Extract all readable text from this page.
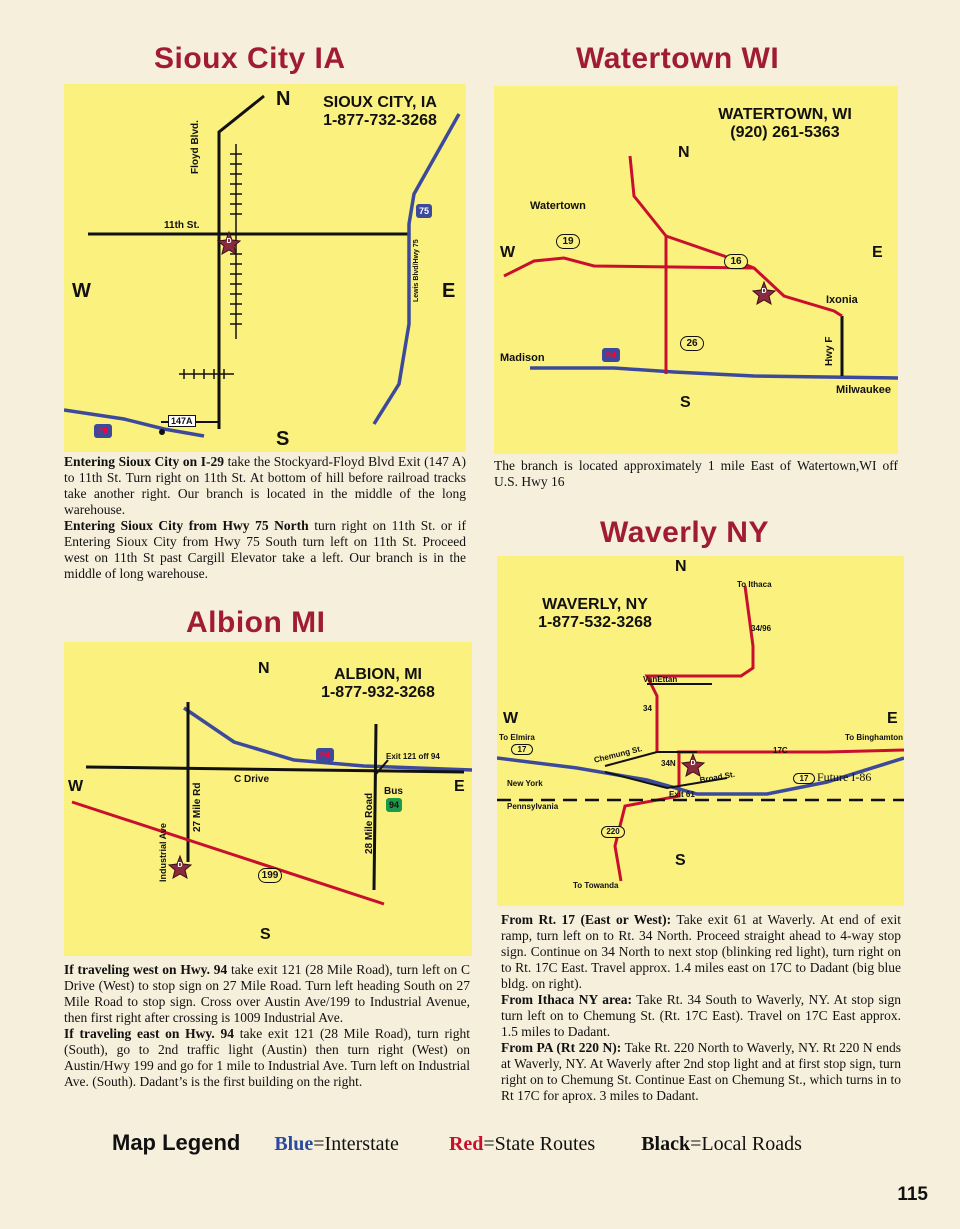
Sioux City IA
SIOUX CITY, IA
1-877-732-3268
N
S
W	E
Floyd Blvd.
11th St.
Lewis Blvd/Hwy 75
75
29
147A
D

Entering Sioux City on I-29 take the Stockyard-Floyd Blvd Exit (147 A) to 11th St. Turn right on 11th St. At bottom of hill before railroad tracks take another right. Our branch is located in the middle of the long warehouse.

Entering Sioux City from Hwy 75 North turn right on 11th St. or if Entering Sioux City from Hwy 75 South turn left on 11th St. Proceed west on 11th St past Cargill Elevator take a left. Our branch is in the middle of long warehouse.

Watertown WI
WATERTOWN, WI
(920) 261-5363
N
S
W	E
Watertown
Madison
Ixonia
Milwaukee
Hwy F
19
16
26
94
D
The branch is located approximately 1 mile East of Watertown,WI off U.S. Hwy 16
Waverly NY
WAVERLY, NY
1-877-532-3268
N
S
W	E
To Ithaca
34/96
VanEttan
34
To Elmira	To Binghamton
17	17C
Chemung St. 34N
Broad St.	17 Future I-86
New York
Pennsylvania
Exit 61
220
To Towanda
D

From Rt. 17 (East or West): Take exit 61 at Waverly. At end of exit ramp, turn left on to Rt. 34 North. Proceed straight ahead to 4-way stop sign. Continue on 34 North to next stop (blinking red light), turn right on to Rt. 17C East. Travel approx. 1.4 miles east on 17C to Dadant (big blue bldg. on right).

From Ithaca NY area: Take Rt. 34 South to Waverly, NY. At stop sign turn left on to Chemung St. (Rt. 17C East). Travel on 17C East approx. 1.5 miles to Dadant.

From PA (Rt 220 N): Take Rt. 220 North to Waverly, NY. Rt 220 N ends at Waverly, NY. At Waverly after 2nd stop light and at first stop sign, turn right on to Chemung St. Continue East on Chemung St., which turns in to Rt 17C for aprox. 3 miles to Dadant.

Albion MI
ALBION, MI
1-877-932-3268
N
S
W	E
C Drive
27 Mile Rd	28 Mile Road
Industrial Ave
Exit 121 off 94
Bus
94
94
199
D

If traveling west on Hwy. 94 take exit 121 (28 Mile Road), turn left on C Drive (West) to stop sign on 27 Mile Road. Turn left heading South on 27 Mile Road to stop sign. Cross over Austin Ave/199 to Industrial Avenue, then first right after crossing is 1009 Industrial Ave.

If traveling east on Hwy. 94 take exit 121 (28 Mile Road), turn right (South), go to 2nd traffic light (Austin) then turn right (West) on Austin/Hwy 199 and go for 1 mile to Industrial Ave. Turn left on Industrial Ave. (South). Dadant’s is the first building on the right.

Map Legend Blue=Interstate	Red=State Routes Black=Local Roads
115
